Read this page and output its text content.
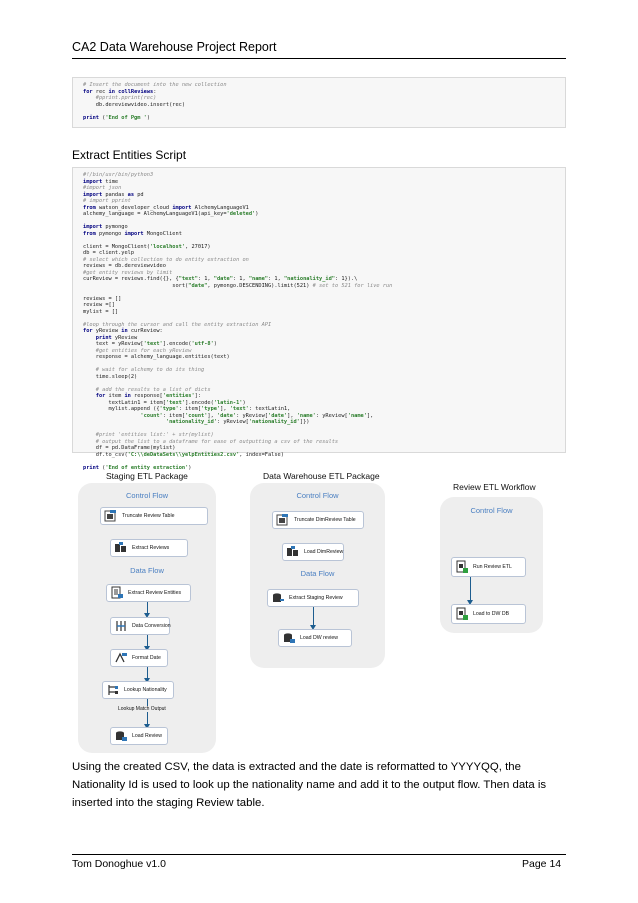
CA2 Data Warehouse Project Report
# Insert the document into the new collection
for rec in collReviews:
#pprint.pprint(rec)
db.dereviewvideo.insert(rec)
print ('End of Pgm ')
Extract Entities Script
#!/bin/usr/bin/python3
import time
#import json
import pandas as pd
# import pprint
from watson_developer_cloud import AlchemyLanguageV1
alchemy_language = AlchemyLanguageV1(api_key='deleted')
import pymongo
from pymongo import MongoClient
client = MongoClient('localhost', 27017)
db = client.yelp
# select which collection to do entity extraction on
reviews = db.dereviewvideo
#get entity reviews by limit
curReview = reviews.find({}, {"text": 1, "date": 1, "name": 1, "nationality_id": 1}).\
sort("date", pymongo.DESCENDING).limit(521) # set to 521 for live run
reviews = []
review =[]
mylist = []
#loop through the cursor and call the entity extraction API
for yReview in curReview:
print yReview
text = yReview['text'].encode('utf-8')
#get entities for each yReview
response = alchemy_language.entities(text)
# wait for alchemy to do its thing
time.sleep(2)
# add the results to a list of dicts
for item in response['entities']:
textLatin1 = item['text'].encode('latin-1')
mylist.append ({'type': item['type'], 'text': textLatin1,
'count': item['count'], 'date': yReview['date'], 'name': yReview['name'],
'nationality_id': yReview['nationality_id']})
#print 'entities list:' + str(mylist)
# output the list to a dataframe for ease of outputting a csv of the results
df = pd.DataFrame(mylist)
df.to_csv('C:\\deDataSets\\yelpEntities2.csv', index=False)
print ('End of entity extraction')
Staging ETL Package
Control Flow
Truncate Review Table
Extract Reviews
Data Flow
Extract Review Entities
Data Conversion
Format Date
Lookup Nationality
Lookup Match Output
Load Review
Data Warehouse ETL Package
Control Flow
Truncate DimReview Table
Load DimReview
Data Flow
Extract Staging Review
Load DW review
Review ETL Workflow
Control Flow
Run Review ETL
Load to DW DB
Using the created CSV, the data is extracted and the date is reformatted to YYYYQQ, the Nationality Id is used to look up the nationality name and add it to the output flow. Then data is inserted into the staging Review table.
Tom Donoghue v1.0	Page 14
